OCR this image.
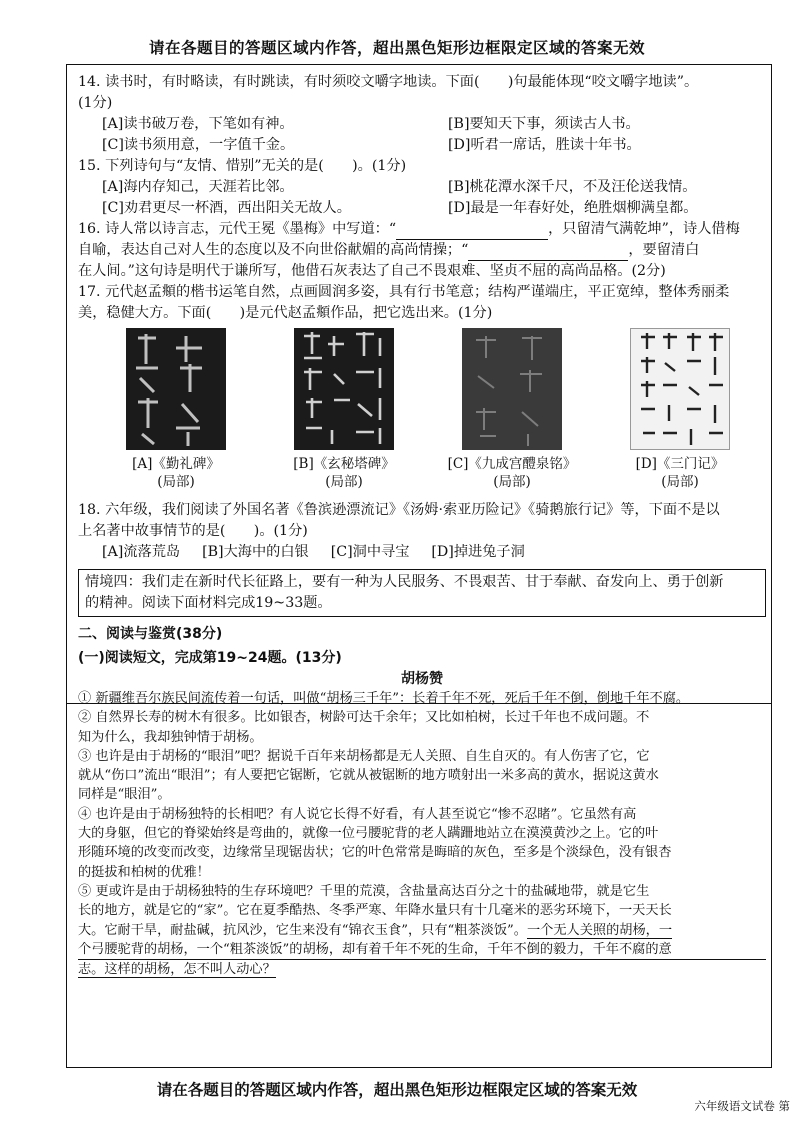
请在各题目的答题区域内作答，超出黑色矩形边框限定区域的答案无效
14. 读书时，有时略读，有时跳读，有时须咬文嚼字地读。下面(　　)句最能体现“咬文嚼字地读”。
(1分)
[A]读书破万卷，下笔如有神。	[B]要知天下事，须读古人书。
[C]读书须用意，一字值千金。	[D]听君一席话，胜读十年书。
15. 下列诗句与“友情、惜别”无关的是(　　)。(1分)
[A]海内存知己，天涯若比邻。	[B]桃花潭水深千尺，不及汪伦送我情。
[C]劝君更尽一杯酒，西出阳关无故人。	[D]最是一年春好处，绝胜烟柳满皇都。
16. 诗人常以诗言志，元代王冕《墨梅》中写道：“	，只留清气满乾坤”，诗人借梅
自喻，表达自己对人生的态度以及不向世俗献媚的高尚情操；“	，要留清白
在人间。”这句诗是明代于谦所写，他借石灰表达了自己不畏艰难、坚贞不屈的高尚品格。(2分)
17. 元代赵孟頫的楷书运笔自然，点画圆润多姿，具有行书笔意；结构严谨端庄，平正宽绰，整体秀丽柔
美，稳健大方。下面(　　)是元代赵孟頫作品，把它选出来。(1分)
[A]《勤礼碑》
(局部)
[B]《玄秘塔碑》
(局部)
[C]《九成宫醴泉铭》
(局部)
[D]《三门记》
(局部)
18. 六年级，我们阅读了外国名著《鲁滨逊漂流记》《汤姆·索亚历险记》《骑鹅旅行记》等，下面不是以
上名著中故事情节的是(　　)。(1分)
[A]流落荒岛 [B]大海中的白银 [C]洞中寻宝 [D]掉进兔子洞
情境四：我们走在新时代长征路上，要有一种为人民服务、不畏艰苦、甘于奉献、奋发向上、勇于创新
的精神。阅读下面材料完成19~33题。
二、阅读与鉴赏(38分)
(一)阅读短文，完成第19~24题。(13分)
胡杨赞

① 新疆维吾尔族民间流传着一句话，叫做“胡杨三千年”：长着千年不死，死后千年不倒，倒地千年不腐。

② 自然界长寿的树木有很多。比如银杏，树龄可达千余年；又比如柏树，长过千年也不成问题。不

知为什么，我却独钟情于胡杨。

③ 也许是由于胡杨的“眼泪”吧？据说千百年来胡杨都是无人关照、自生自灭的。有人伤害了它，它

就从“伤口”流出“眼泪”；有人要把它锯断，它就从被锯断的地方喷射出一米多高的黄水，据说这黄水

同样是“眼泪”。

④ 也许是由于胡杨独特的长相吧？有人说它长得不好看，有人甚至说它“惨不忍睹”。它虽然有高

大的身躯，但它的脊梁始终是弯曲的，就像一位弓腰驼背的老人蹒跚地站立在漠漠黄沙之上。它的叶

形随环境的改变而改变，边缘常呈现锯齿状；它的叶色常常是晦暗的灰色，至多是个淡绿色，没有银杏

的挺拔和柏树的优雅！

⑤ 更或许是由于胡杨独特的生存环境吧？千里的荒漠，含盐量高达百分之十的盐碱地带，就是它生

长的地方，就是它的“家”。它在夏季酷热、冬季严寒、年降水量只有十几毫米的恶劣环境下，一天天长

大。它耐干旱，耐盐碱，抗风沙，它生来没有“锦衣玉食”，只有“粗茶淡饭”。一个无人关照的胡杨，一

个弓腰驼背的胡杨，一个“粗茶淡饭”的胡杨，却有着千年不死的生命，千年不倒的毅力，千年不腐的意

志。这样的胡杨，怎不叫人动心？

请在各题目的答题区域内作答，超出黑色矩形边框限定区域的答案无效
六年级语文试卷 第
